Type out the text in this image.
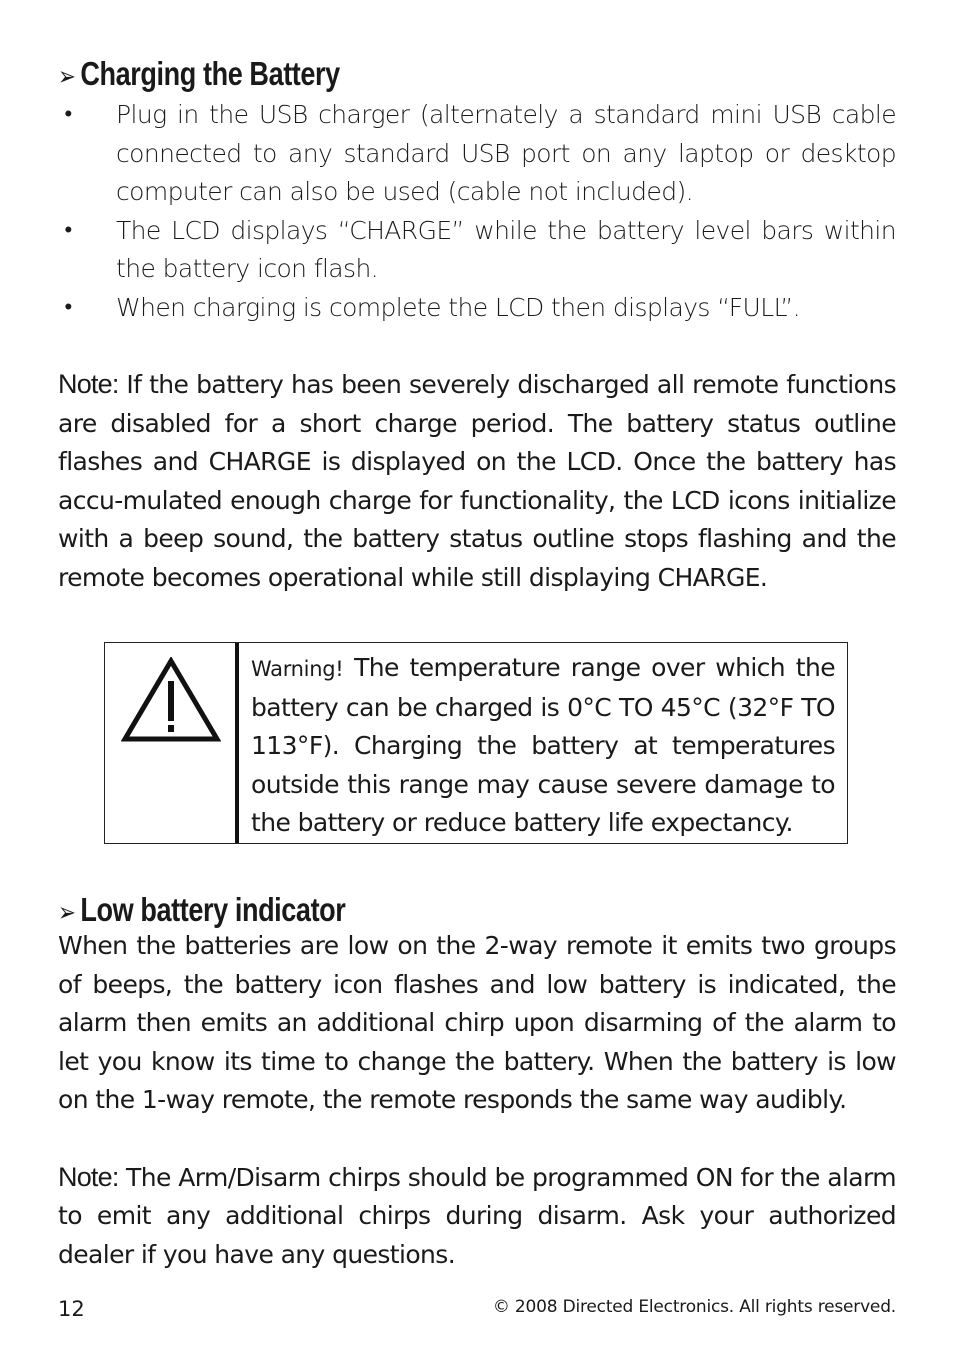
➢ Charging the Battery
• Plug in the USB charger (alternately a standard mini USB cable connected to any standard USB port on any laptop or desktop computer can also be used (cable not included).
• The LCD displays “CHARGE” while the battery level bars within the battery icon flash.
• When charging is complete the LCD then displays “FULL”.

Note: If the battery has been severely discharged all remote functions are disabled for a short charge period. The battery status outline flashes and CHARGE is displayed on the LCD. Once the battery has accu-mulated enough charge for functionality, the LCD icons initialize with a beep sound, the battery status outline stops flashing and the remote becomes operational while still displaying CHARGE.

Warning! The temperature range over which the battery can be charged is 0°C TO 45°C (32°F TO 113°F). Charging the battery at temperatures outside this range may cause severe damage to the battery or reduce battery life expectancy.
➢ Low battery indicator

When the batteries are low on the 2-way remote it emits two groups of beeps, the battery icon flashes and low battery is indicated, the alarm then emits an additional chirp upon disarming of the alarm to let you know its time to change the battery. When the battery is low on the 1-way remote, the remote responds the same way audibly.

Note: The Arm/Disarm chirps should be programmed ON for the alarm to emit any additional chirps during disarm. Ask your authorized dealer if you have any questions.

12	© 2008 Directed Electronics. All rights reserved.
